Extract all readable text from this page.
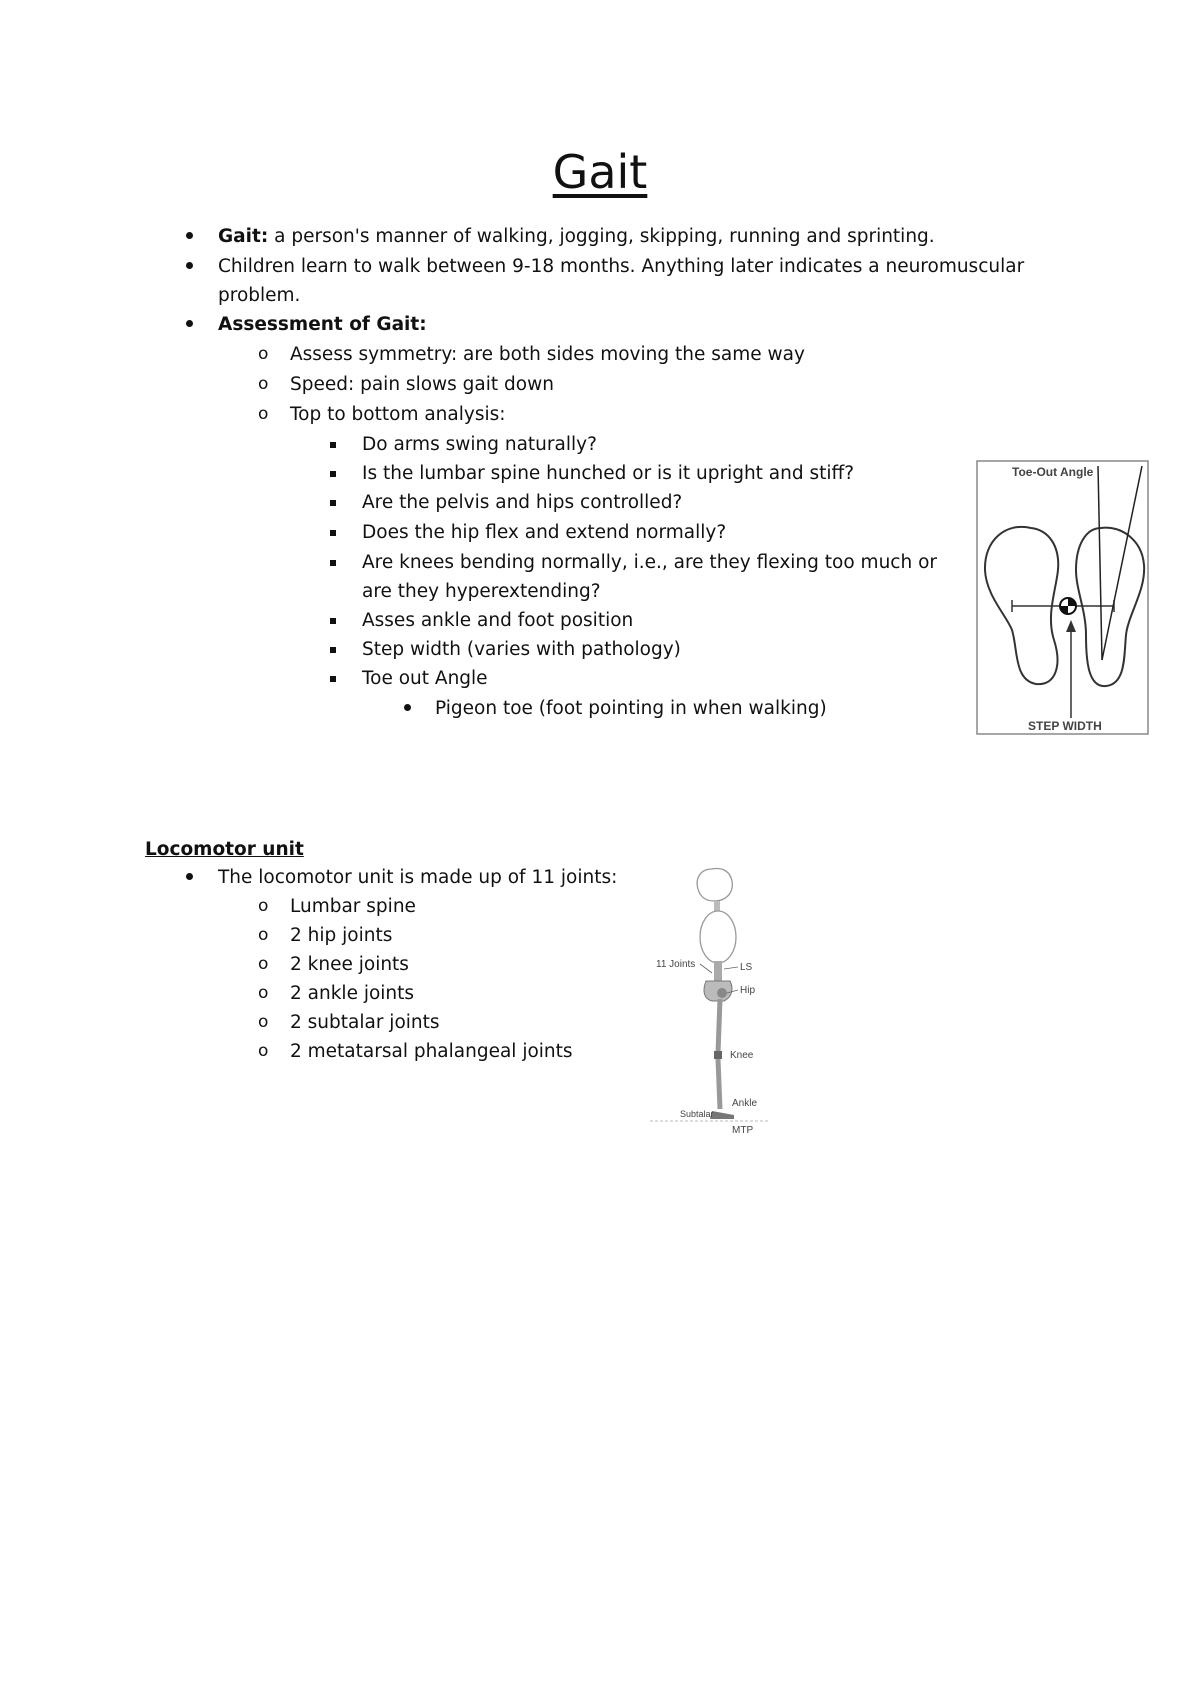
Gait
Gait: a person's manner of walking, jogging, skipping, running and sprinting.
Children learn to walk between 9-18 months. Anything later indicates a neuromuscular
problem.
Assessment of Gait:
o Assess symmetry: are both sides moving the same way
o Speed: pain slows gait down
o Top to bottom analysis:
Do arms swing naturally?
Is the lumbar spine hunched or is it upright and stiff?
Are the pelvis and hips controlled?
Does the hip flex and extend normally?
Are knees bending normally, i.e., are they flexing too much or
are they hyperextending?
Asses ankle and foot position
Step width (varies with pathology)
Toe out Angle
Pigeon toe (foot pointing in when walking)
Toe-Out Angle
STEP WIDTH
Locomotor unit
The locomotor unit is made up of 11 joints:
o Lumbar spine
o 2 hip joints
o 2 knee joints
o 2 ankle joints
o 2 subtalar joints
o 2 metatarsal phalangeal joints
11 Joints	LS
Hip
Knee
Ankle
Subtalar
MTP
